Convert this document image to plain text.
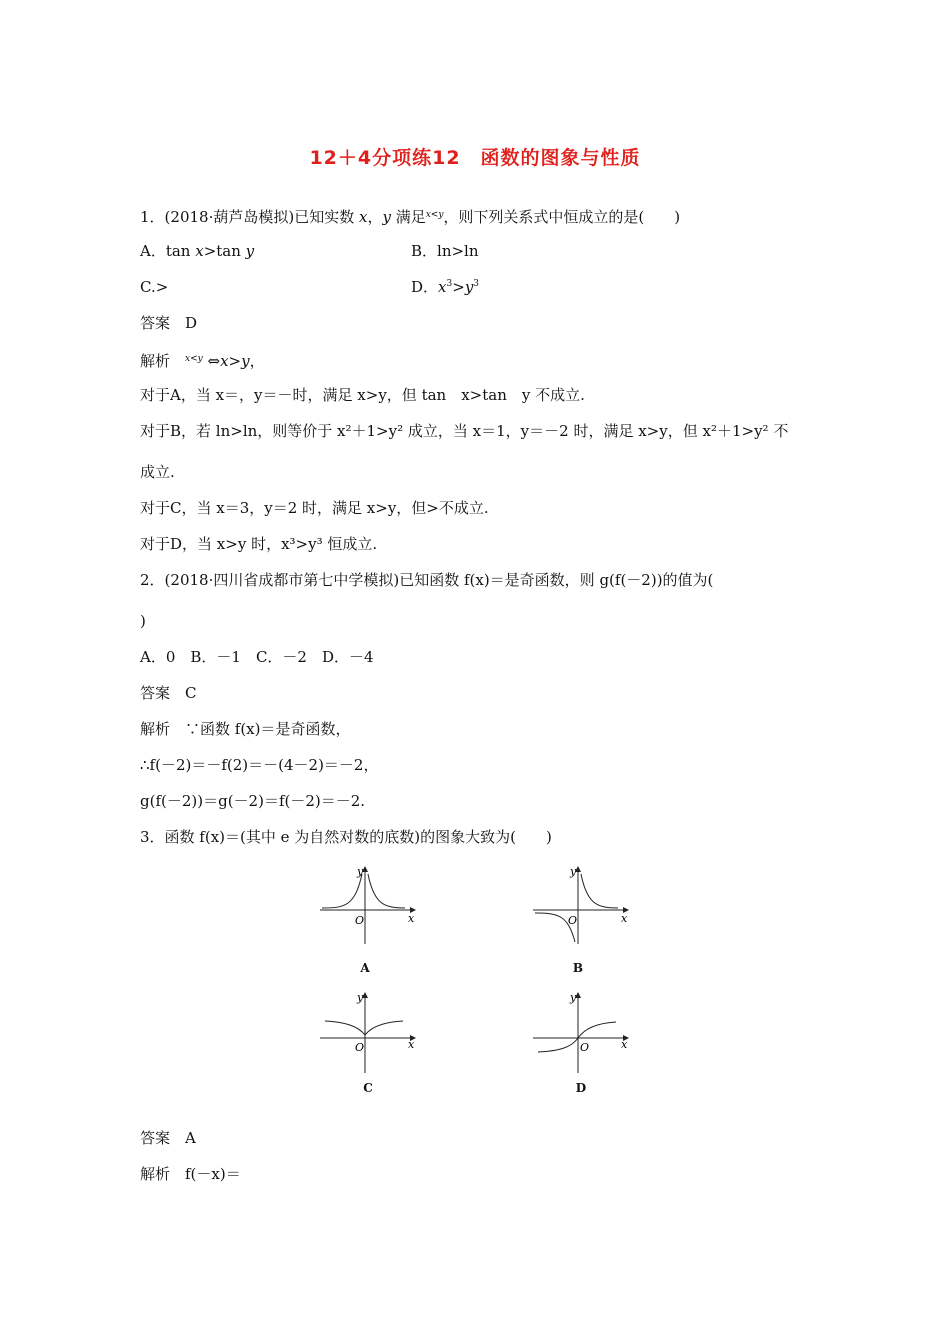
12＋4分项练12　函数的图象与性质
1．(2018·葫芦岛模拟)已知实数 x，y 满足$^{x<y}$，则下列关系式中恒成立的是(　　)
A．tan x>tan y	B．ln>ln
C.>	D．$x^3>y^3$
答案　D
解析　$^{x<y}$ ⇔x>y，
对于A，当 x＝，y＝－时，满足 x>y，但 tan　x>tan　y 不成立.
对于B，若 ln>ln，则等价于 x²＋1>y² 成立，当 x＝1，y＝－2 时，满足 x>y，但 x²＋1>y² 不
成立.
对于C，当 x＝3，y＝2 时，满足 x>y，但>不成立.
对于D，当 x>y 时，x³>y³ 恒成立.
2．(2018·四川省成都市第七中学模拟)已知函数 f(x)＝是奇函数，则 g(f(－2))的值为(
)
A．0　B．－1　C．－2　D．－4
答案　C
解析　∵函数 f(x)＝是奇函数，
∴f(－2)＝－f(2)＝－(4－2)＝－2，
g(f(－2))＝g(－2)＝f(－2)＝－2.
3．函数 f(x)＝(其中 e 为自然对数的底数)的图象大致为(　　)
y
x
O
A
y
x
O
B
y
x
O
C
y
x
O
D
答案　A
解析　f(－x)＝
